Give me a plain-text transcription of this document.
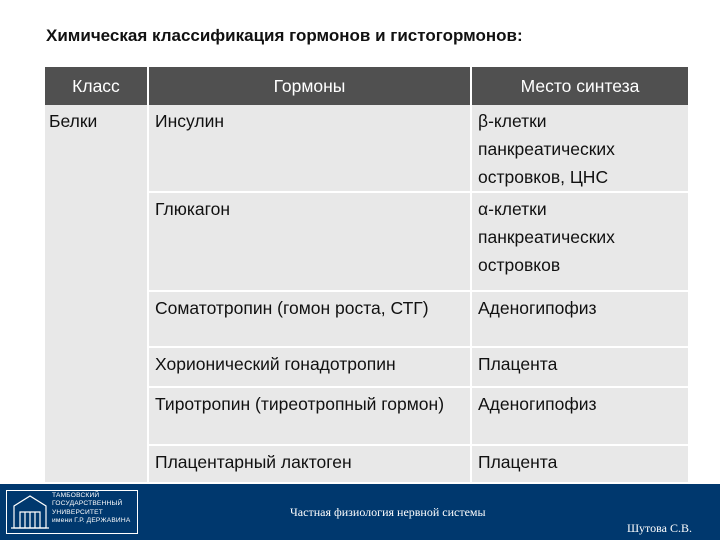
Химическая классификация гормонов и гистогормонов:
Класс	Гормоны	Место синтеза
Белки	Инсулин	β-клетки панкреатических островков, ЦНС
	Глюкагон	α-клетки панкреатических островков
	Соматотропин (гомон роста, СТГ)	Аденогипофиз
	Хорионический гонадотропин	Плацента
	Тиротропин (тиреотропный гормон)	Аденогипофиз
	Плацентарный лактоген	Плацента
ТАМБОВСКИЙ
ГОСУДАРСТВЕННЫЙ
УНИВЕРСИТЕТ
имени Г.Р. ДЕРЖАВИНА
Частная физиология нервной системы
Шутова С.В.
